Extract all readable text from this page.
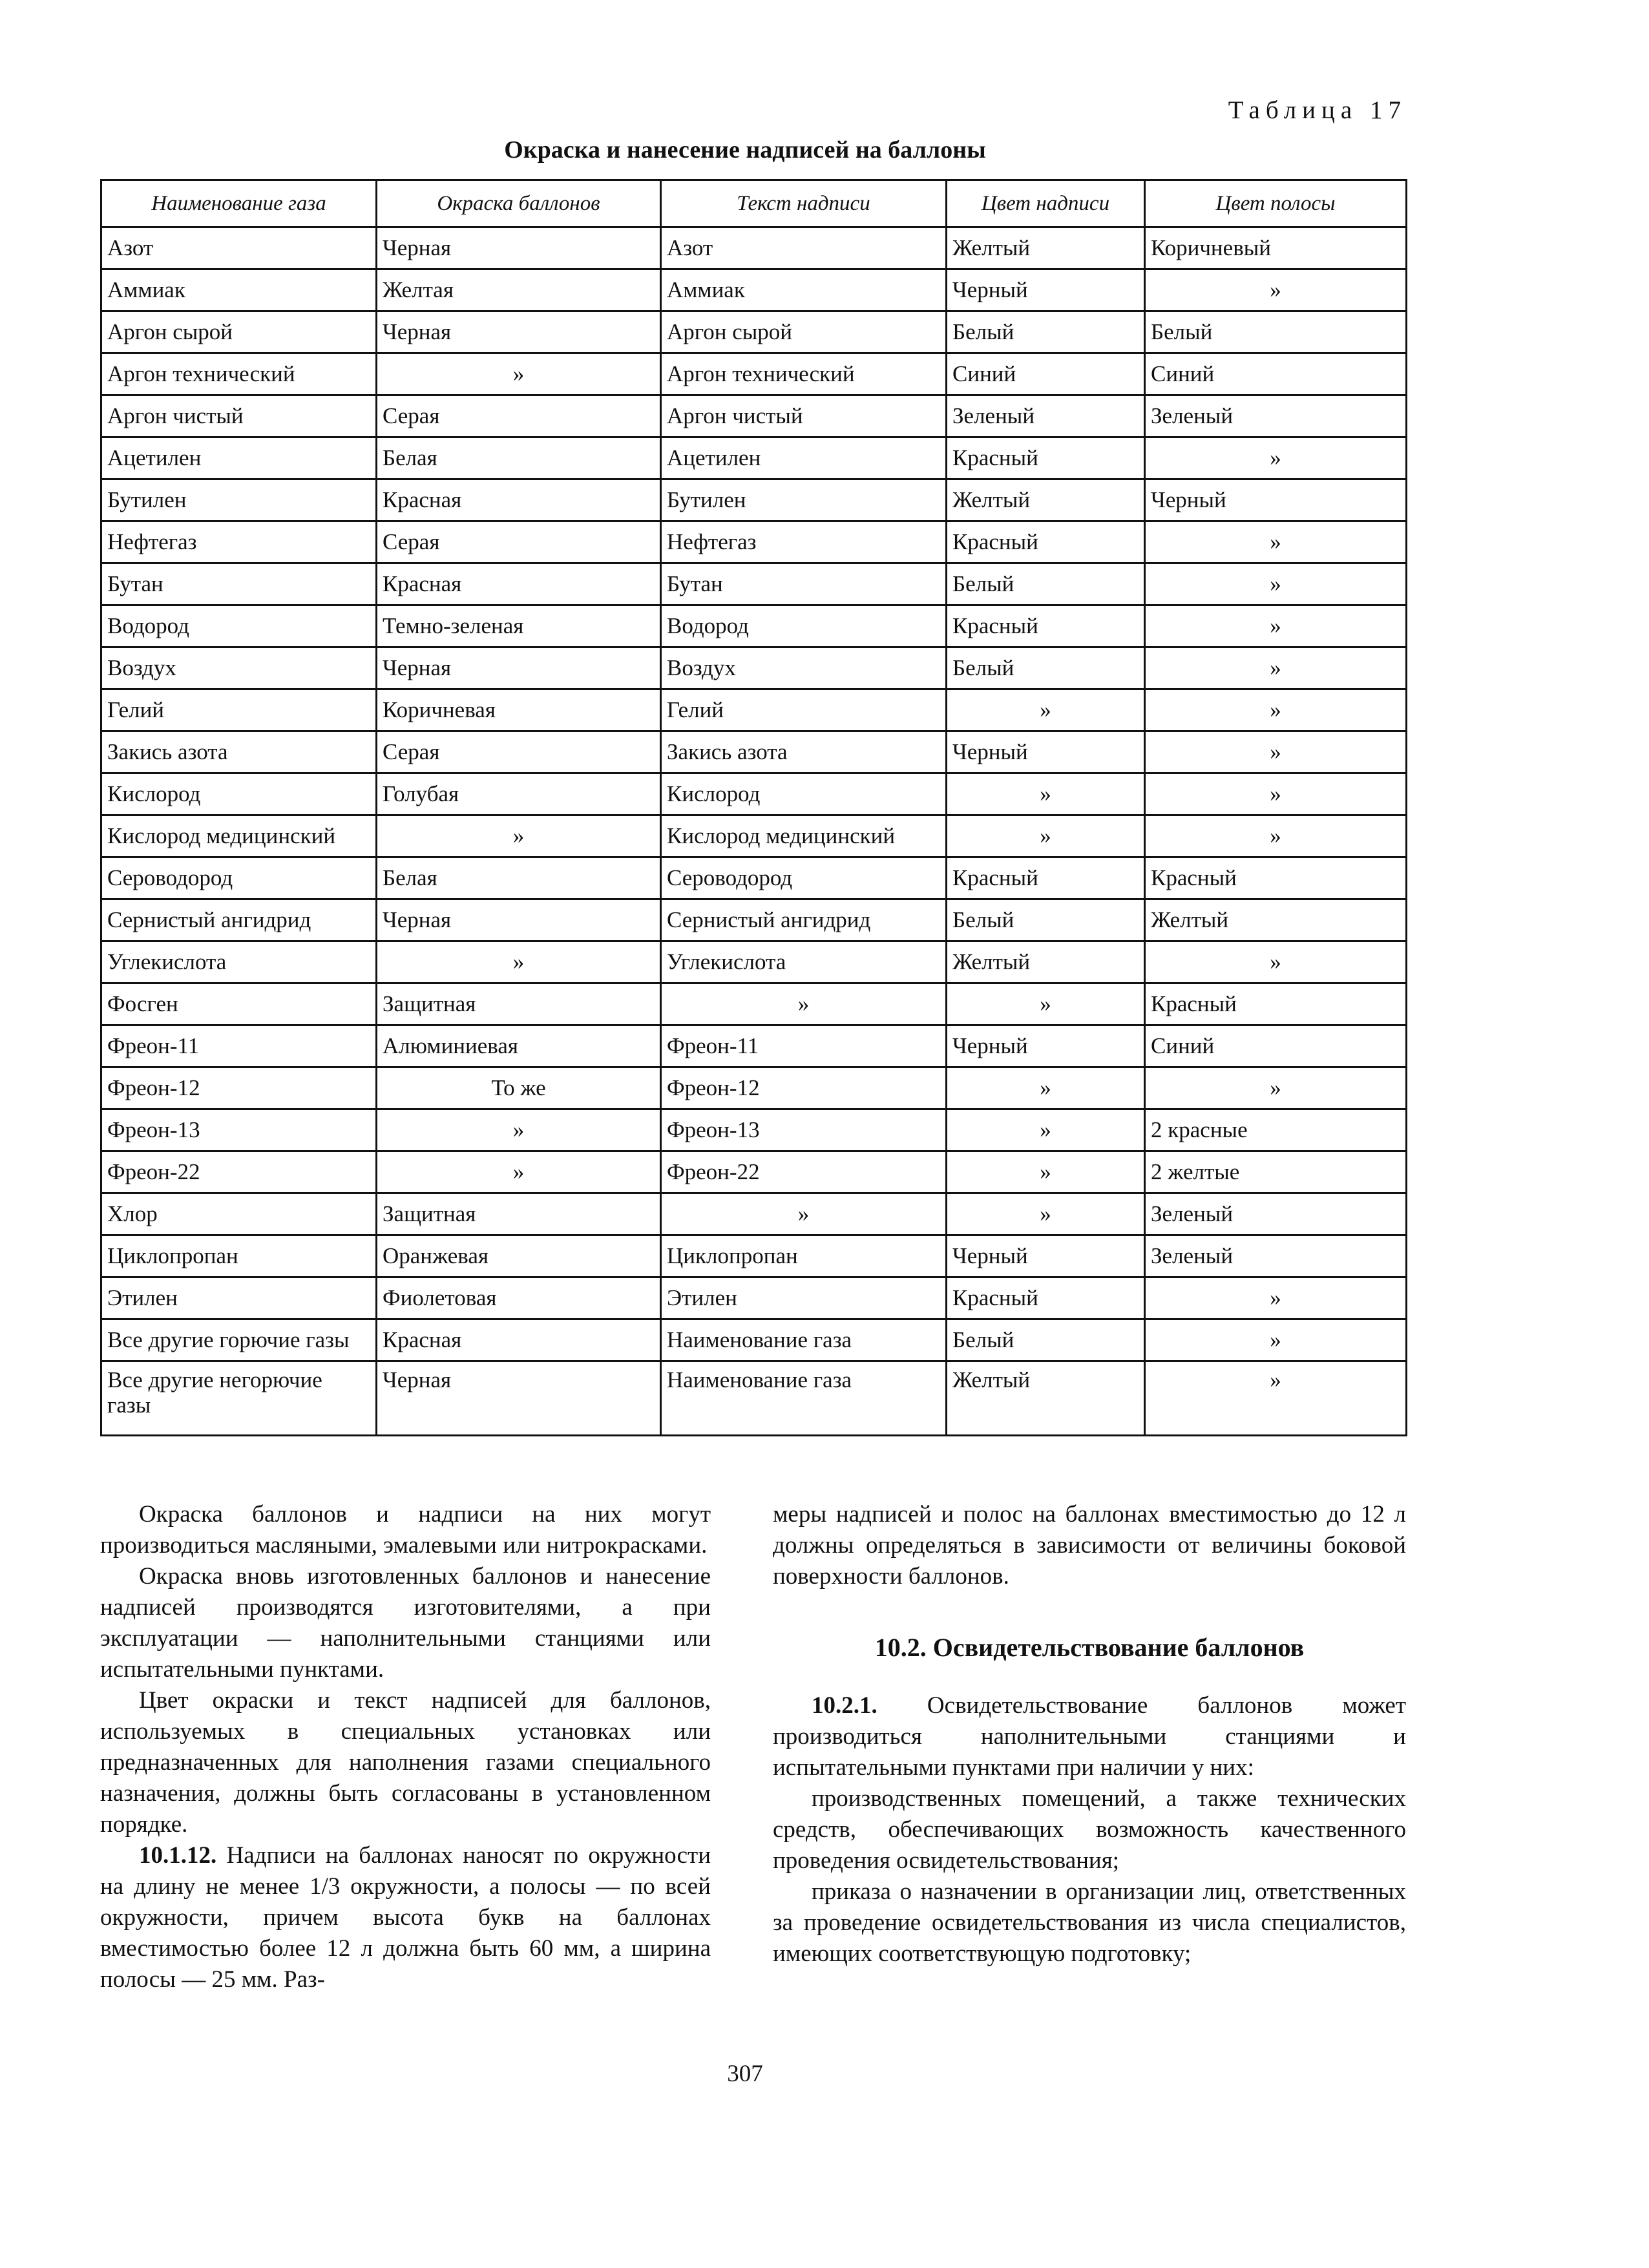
Таблица 17
Окраска и нанесение надписей на баллоны
Наименование газа	Окраска баллонов	Текст надписи	Цвет надписи	Цвет полосы
Азот	Черная	Азот	Желтый	Коричневый
Аммиак	Желтая	Аммиак	Черный	»
Аргон сырой	Черная	Аргон сырой	Белый	Белый
Аргон технический	»	Аргон технический	Синий	Синий
Аргон чистый	Серая	Аргон чистый	Зеленый	Зеленый
Ацетилен	Белая	Ацетилен	Красный	»
Бутилен	Красная	Бутилен	Желтый	Черный
Нефтегаз	Серая	Нефтегаз	Красный	»
Бутан	Красная	Бутан	Белый	»
Водород	Темно-зеленая	Водород	Красный	»
Воздух	Черная	Воздух	Белый	»
Гелий	Коричневая	Гелий	»	»
Закись азота	Серая	Закись азота	Черный	»
Кислород	Голубая	Кислород	»	»
Кислород медицинский	»	Кислород медицинский	»	»
Сероводород	Белая	Сероводород	Красный	Красный
Сернистый ангидрид	Черная	Сернистый ангидрид	Белый	Желтый
Углекислота	»	Углекислота	Желтый	»
Фосген	Защитная	»	»	Красный
Фреон-11	Алюминиевая	Фреон-11	Черный	Синий
Фреон-12	То же	Фреон-12	»	»
Фреон-13	»	Фреон-13	»	2 красные
Фреон-22	»	Фреон-22	»	2 желтые
Хлор	Защитная	»	»	Зеленый
Циклопропан	Оранжевая	Циклопропан	Черный	Зеленый
Этилен	Фиолетовая	Этилен	Красный	»
Все другие горючие газы	Красная	Наименование газа	Белый	»
Все другие негорючие газы	Черная	Наименование газа	Желтый	»

Окраска баллонов и надписи на них могут производиться масляными, эмалевыми или нитрокрасками.

Окраска вновь изготовленных баллонов и нанесение надписей производятся изготовителями, а при эксплуатации — наполнительными станциями или испытательными пунктами.

Цвет окраски и текст надписей для баллонов, используемых в специальных установках или предназначенных для наполнения газами специального назначения, должны быть согласованы в установленном порядке.

10.1.12. Надписи на баллонах наносят по окружности на длину не менее 1/3 окружности, а полосы — по всей окружности, причем высота букв на баллонах вместимостью более 12 л должна быть 60 мм, а ширина полосы — 25 мм. Раз-

меры надписей и полос на баллонах вместимостью до 12 л должны определяться в зависимости от величины боковой поверхности баллонов.

10.2. Освидетельствование баллонов

10.2.1. Освидетельствование баллонов может производиться наполнительными станциями и испытательными пунктами при наличии у них:

производственных помещений, а также технических средств, обеспечивающих возможность качественного проведения освидетельствования;

приказа о назначении в организации лиц, ответственных за проведение освидетельствования из числа специалистов, имеющих соответствующую подготовку;

307
